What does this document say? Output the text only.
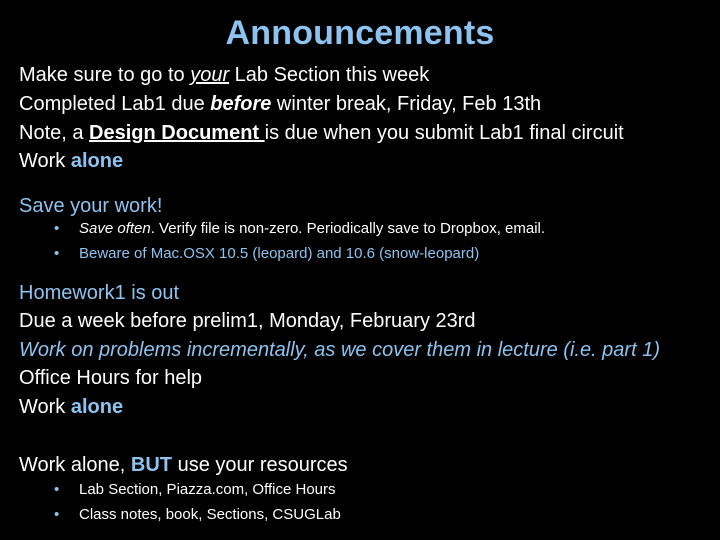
Announcements
Make sure to go to your Lab Section this week
Completed Lab1 due before winter break, Friday, Feb 13th
Note, a Design Document is due when you submit Lab1 final circuit
Work alone
Save your work!
• Save often. Verify file is non-zero. Periodically save to Dropbox, email.
• Beware of Mac.OSX 10.5 (leopard) and 10.6 (snow-leopard)
Homework1 is out
Due a week before prelim1, Monday, February 23rd
Work on problems incrementally, as we cover them in lecture (i.e. part 1)
Office Hours for help
Work alone
Work alone, BUT use your resources
• Lab Section, Piazza.com, Office Hours
• Class notes, book, Sections, CSUGLab
